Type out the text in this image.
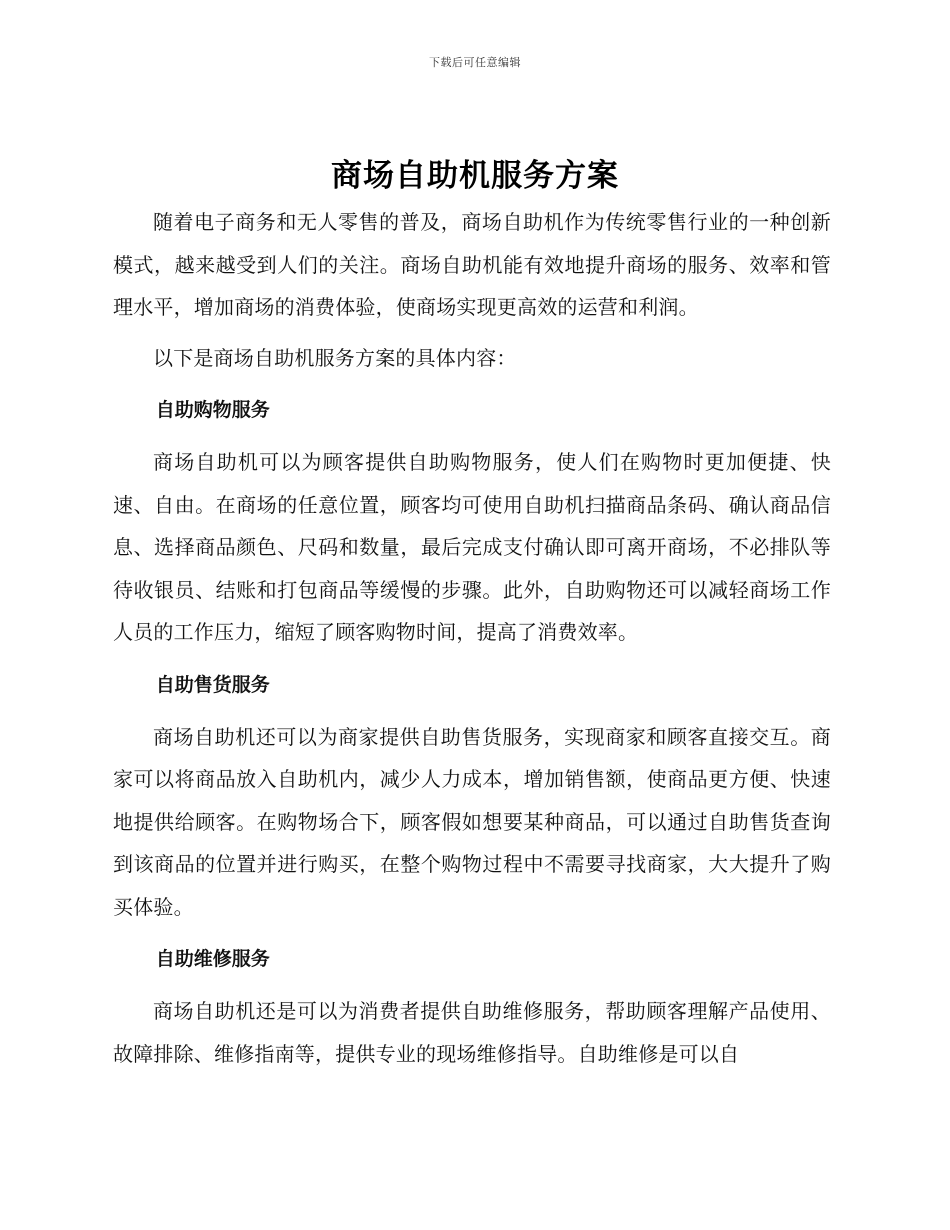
下载后可任意编辑
商场自助机服务方案

随着电子商务和无人零售的普及，商场自助机作为传统零售行业的一种创新模式，越来越受到人们的关注。商场自助机能有效地提升商场的服务、效率和管理水平，增加商场的消费体验，使商场实现更高效的运营和利润。

以下是商场自助机服务方案的具体内容：

自助购物服务

商场自助机可以为顾客提供自助购物服务，使人们在购物时更加便捷、快速、自由。在商场的任意位置，顾客均可使用自助机扫描商品条码、确认商品信息、选择商品颜色、尺码和数量，最后完成支付确认即可离开商场，不必排队等待收银员、结账和打包商品等缓慢的步骤。此外，自助购物还可以减轻商场工作人员的工作压力，缩短了顾客购物时间，提高了消费效率。

自助售货服务

商场自助机还可以为商家提供自助售货服务，实现商家和顾客直接交互。商家可以将商品放入自助机内，减少人力成本，增加销售额，使商品更方便、快速地提供给顾客。在购物场合下，顾客假如想要某种商品，可以通过自助售货查询到该商品的位置并进行购买，在整个购物过程中不需要寻找商家，大大提升了购买体验。

自助维修服务

商场自助机还是可以为消费者提供自助维修服务，帮助顾客理解产品使用、故障排除、维修指南等，提供专业的现场维修指导。自助维修是可以自
